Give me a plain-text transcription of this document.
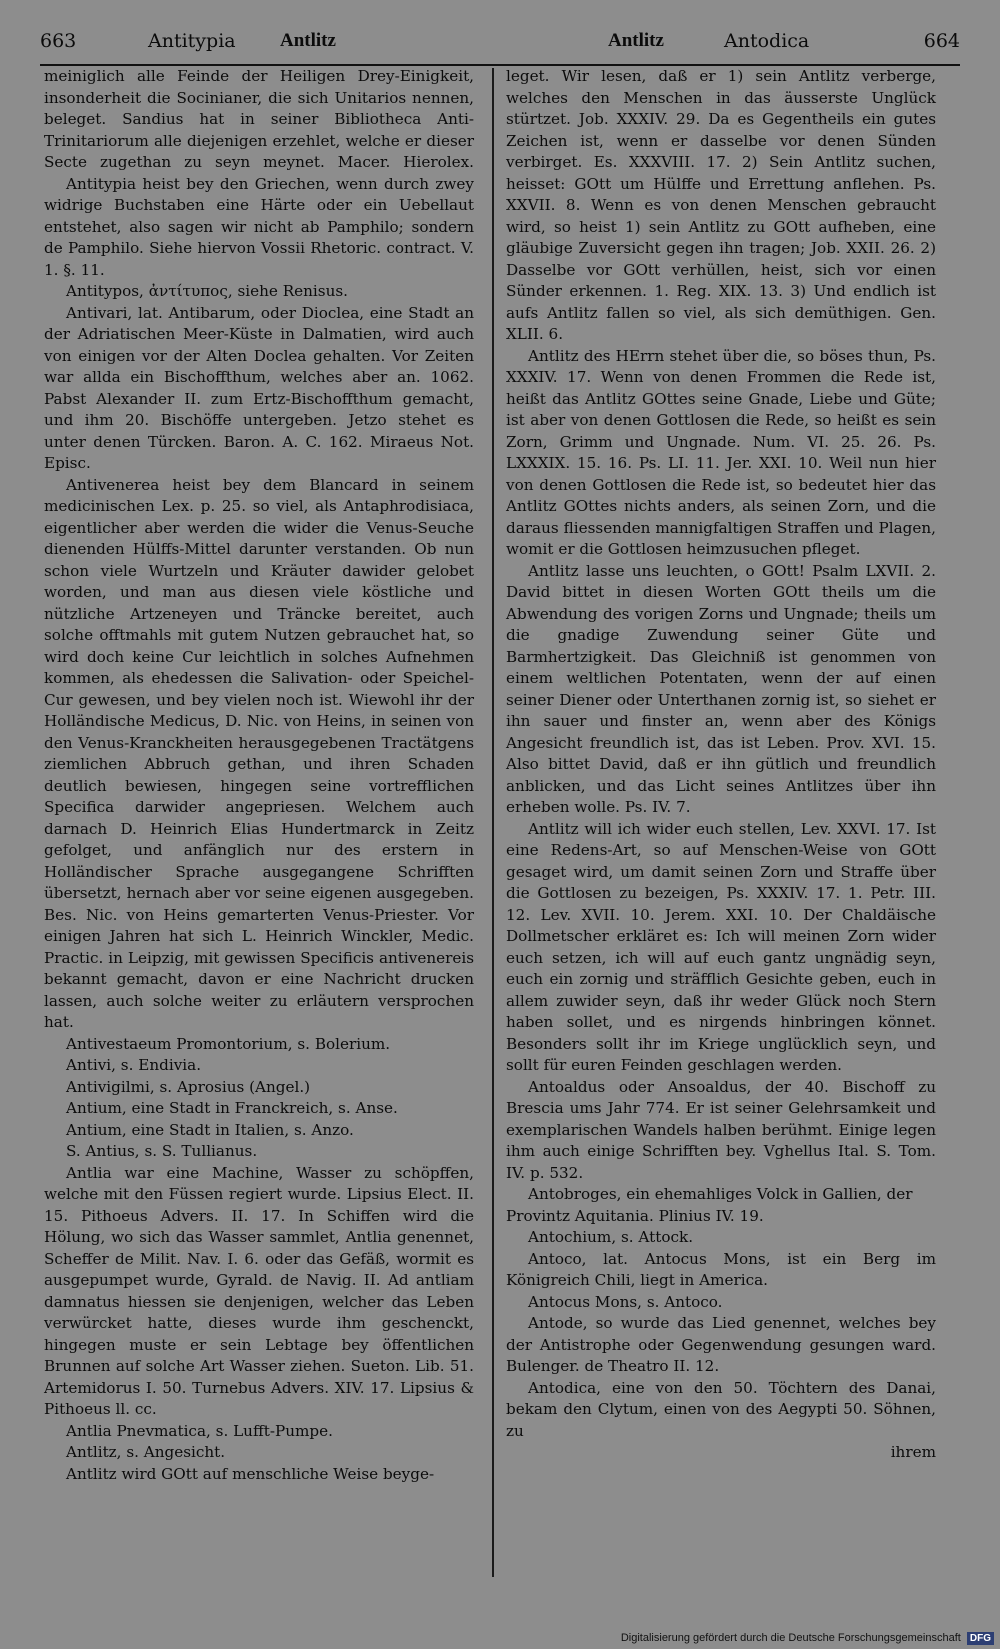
663	Antitypia Antlitz	Antlitz	Antodica	664

meiniglich alle Feinde der Heiligen Drey-Einigkeit, insonderheit die Socinianer, die sich Unitarios nennen, beleget. Sandius hat in seiner Bibliotheca Anti-Trinitariorum alle diejenigen erzehlet, welche er dieser Secte zugethan zu seyn meynet. Macer. Hierolex.

Antitypia heist bey den Griechen, wenn durch zwey widrige Buchstaben eine Härte oder ein Uebellaut entstehet, also sagen wir nicht ab Pamphilo; sondern de Pamphilo. Siehe hiervon Vossii Rhetoric. contract. V. 1. §. 11.

Antitypos, ἀντίτυπος, siehe Renisus.

Antivari, lat. Antibarum, oder Dioclea, eine Stadt an der Adriatischen Meer-Küste in Dalmatien, wird auch von einigen vor der Alten Doclea gehalten. Vor Zeiten war allda ein Bischoffthum, welches aber an. 1062. Pabst Alexander II. zum Ertz-Bischoffthum gemacht, und ihm 20. Bischöffe untergeben. Jetzo stehet es unter denen Türcken. Baron. A. C. 162. Miraeus Not. Episc.

Antivenerea heist bey dem Blancard in seinem medicinischen Lex. p. 25. so viel, als Antaphrodisiaca, eigentlicher aber werden die wider die Venus-Seuche dienenden Hülffs-Mittel darunter verstanden. Ob nun schon viele Wurtzeln und Kräuter dawider gelobet worden, und man aus diesen viele köstliche und nützliche Artzeneyen und Träncke bereitet, auch solche offtmahls mit gutem Nutzen gebrauchet hat, so wird doch keine Cur leichtlich in solches Aufnehmen kommen, als ehedessen die Salivation- oder Speichel-Cur gewesen, und bey vielen noch ist. Wiewohl ihr der Holländische Medicus, D. Nic. von Heins, in seinen von den Venus-Kranckheiten herausgegebenen Tractätgens ziemlichen Abbruch gethan, und ihren Schaden deutlich bewiesen, hingegen seine vortrefflichen Specifica darwider angepriesen. Welchem auch darnach D. Heinrich Elias Hundertmarck in Zeitz gefolget, und anfänglich nur des erstern in Holländischer Sprache ausgegangene Schrifften übersetzt, hernach aber vor seine eigenen ausgegeben. Bes. Nic. von Heins gemarterten Venus-Priester. Vor einigen Jahren hat sich L. Heinrich Winckler, Medic. Practic. in Leipzig, mit gewissen Specificis antivenereis bekannt gemacht, davon er eine Nachricht drucken lassen, auch solche weiter zu erläutern versprochen hat.

Antivestaeum Promontorium, s. Bolerium.

Antivi, s. Endivia.

Antivigilmi, s. Aprosius (Angel.)

Antium, eine Stadt in Franckreich, s. Anse.

Antium, eine Stadt in Italien, s. Anzo.

S. Antius, s. S. Tullianus.

Antlia war eine Machine, Wasser zu schöpffen, welche mit den Füssen regiert wurde. Lipsius Elect. II. 15. Pithoeus Advers. II. 17. In Schiffen wird die Hölung, wo sich das Wasser sammlet, Antlia genennet, Scheffer de Milit. Nav. I. 6. oder das Gefäß, wormit es ausgepumpet wurde, Gyrald. de Navig. II. Ad antliam damnatus hiessen sie denjenigen, welcher das Leben verwürcket hatte, dieses wurde ihm geschenckt, hingegen muste er sein Lebtage bey öffentlichen Brunnen auf solche Art Wasser ziehen. Sueton. Lib. 51. Artemidorus I. 50. Turnebus Advers. XIV. 17. Lipsius & Pithoeus ll. cc.

Antlia Pnevmatica, s. Lufft-Pumpe.

Antlitz, s. Angesicht.

Antlitz wird GOtt auf menschliche Weise beyge-

leget. Wir lesen, daß er 1) sein Antlitz verberge, welches den Menschen in das äusserste Unglück stürtzet. Job. XXXIV. 29. Da es Gegentheils ein gutes Zeichen ist, wenn er dasselbe vor denen Sünden verbirget. Es. XXXVIII. 17. 2) Sein Antlitz suchen, heisset: GOtt um Hülffe und Errettung anflehen. Ps. XXVII. 8. Wenn es von denen Menschen gebraucht wird, so heist 1) sein Antlitz zu GOtt aufheben, eine gläubige Zuversicht gegen ihn tragen; Job. XXII. 26. 2) Dasselbe vor GOtt verhüllen, heist, sich vor einen Sünder erkennen. 1. Reg. XIX. 13. 3) Und endlich ist aufs Antlitz fallen so viel, als sich demüthigen. Gen. XLII. 6.

Antlitz des HErrn stehet über die, so böses thun, Ps. XXXIV. 17. Wenn von denen Frommen die Rede ist, heißt das Antlitz GOttes seine Gnade, Liebe und Güte; ist aber von denen Gottlosen die Rede, so heißt es sein Zorn, Grimm und Ungnade. Num. VI. 25. 26. Ps. LXXXIX. 15. 16. Ps. LI. 11. Jer. XXI. 10. Weil nun hier von denen Gottlosen die Rede ist, so bedeutet hier das Antlitz GOttes nichts anders, als seinen Zorn, und die daraus fliessenden mannigfaltigen Straffen und Plagen, womit er die Gottlosen heimzusuchen pfleget.

Antlitz lasse uns leuchten, o GOtt! Psalm LXVII. 2. David bittet in diesen Worten GOtt theils um die Abwendung des vorigen Zorns und Ungnade; theils um die gnadige Zuwendung seiner Güte und Barmhertzigkeit. Das Gleichniß ist genommen von einem weltlichen Potentaten, wenn der auf einen seiner Diener oder Unterthanen zornig ist, so siehet er ihn sauer und finster an, wenn aber des Königs Angesicht freundlich ist, das ist Leben. Prov. XVI. 15. Also bittet David, daß er ihn gütlich und freundlich anblicken, und das Licht seines Antlitzes über ihn erheben wolle. Ps. IV. 7.

Antlitz will ich wider euch stellen, Lev. XXVI. 17. Ist eine Redens-Art, so auf Menschen-Weise von GOtt gesaget wird, um damit seinen Zorn und Straffe über die Gottlosen zu bezeigen, Ps. XXXIV. 17. 1. Petr. III. 12. Lev. XVII. 10. Jerem. XXI. 10. Der Chaldäische Dollmetscher erkläret es: Ich will meinen Zorn wider euch setzen, ich will auf euch gantz ungnädig seyn, euch ein zornig und sträfflich Gesichte geben, euch in allem zuwider seyn, daß ihr weder Glück noch Stern haben sollet, und es nirgends hinbringen könnet. Besonders sollt ihr im Kriege unglücklich seyn, und sollt für euren Feinden geschlagen werden.

Antoaldus oder Ansoaldus, der 40. Bischoff zu Brescia ums Jahr 774. Er ist seiner Gelehrsamkeit und exemplarischen Wandels halben berühmt. Einige legen ihm auch einige Schrifften bey. Vghellus Ital. S. Tom. IV. p. 532.

Antobroges, ein ehemahliges Volck in Gallien, der Provintz Aquitania. Plinius IV. 19.

Antochium, s. Attock.

Antoco, lat. Antocus Mons, ist ein Berg im Königreich Chili, liegt in America.

Antocus Mons, s. Antoco.

Antode, so wurde das Lied genennet, welches bey der Antistrophe oder Gegenwendung gesungen ward. Bulenger. de Theatro II. 12.

Antodica, eine von den 50. Töchtern des Danai, bekam den Clytum, einen von des Aegypti 50. Söhnen, zu

ihrem

Digitalisierung gefördert durch die Deutsche Forschungsgemeinschaft DFG
